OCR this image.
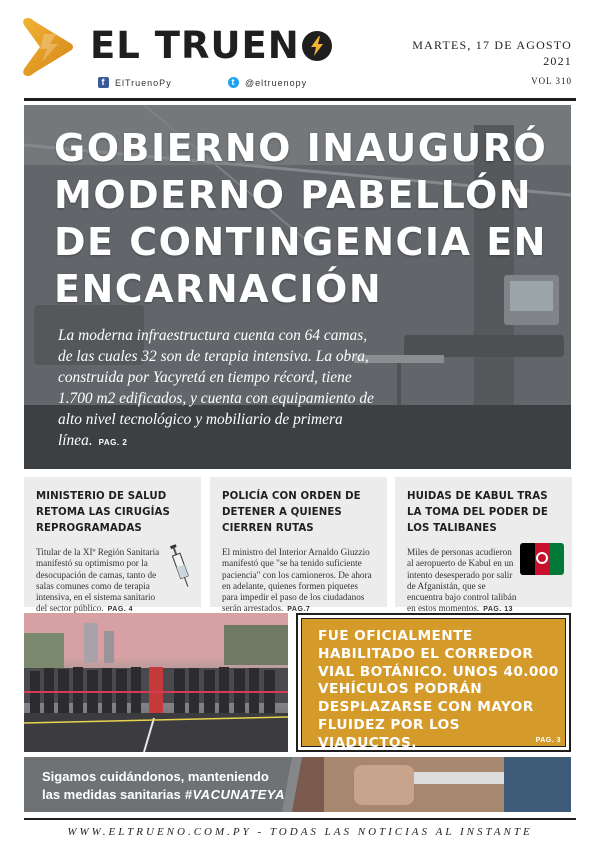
EL TRUEN
f	ElTruenoPy	t	@eltruenopy
MARTES, 17 DE AGOSTO
2021
VOL 310
GOBIERNO INAUGURÓ MODERNO PABELLÓN DE CONTINGENCIA EN ENCARNACIÓN

La moderna infraestructura cuenta con 64 camas, de las cuales 32 son de terapia intensiva. La obra, construida por Yacyretá en tiempo récord, tiene 1.700 m2 edificados, y cuenta con equipamiento de alto nivel tecnológico y mobiliario de primera línea. PAG. 2

MINISTERIO DE SALUD RETOMA LAS CIRUGÍAS REPROGRAMADAS

Titular de la XIº Región Sanitaria manifestó su optimismo por la desocupación de camas, tanto de salas comunes como de terapia intensiva, en el sistema sanitario del sector público. PAG. 4

POLICÍA CON ORDEN DE DETENER A QUIENES CIERREN RUTAS

El ministro del Interior Arnaldo Giuzzio manifestó que "se ha tenido suficiente paciencia" con los camioneros. De ahora en adelante, quienes formen piquetes para impedir el paso de los ciudadanos serán arrestados. PAG.7

HUIDAS DE KABUL TRAS LA TOMA DEL PODER DE LOS TALIBANES

Miles de personas acudieron al aeropuerto de Kabul en un intento desesperado por salir de Afganistán, que se encuentra bajo control talibán en estos momentos. PAG. 13

FUE OFICIALMENTE HABILITADO EL CORREDOR VIAL BOTÁNICO. UNOS 40.000 VEHÍCULOS PODRÁN DESPLAZARSE CON MAYOR FLUIDEZ POR LOS VIADUCTOS.	PAG. 3

Sigamos cuidándonos, manteniendo
las medidas sanitarias #VACUNATEYA

WWW.ELTRUENO.COM.PY - TODAS LAS NOTICIAS AL INSTANTE
